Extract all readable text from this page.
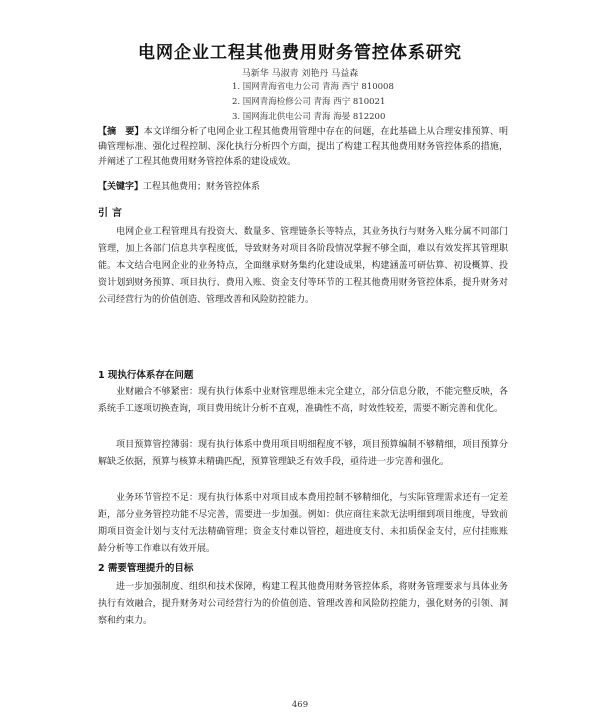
电网企业工程其他费用财务管控体系研究
马新华 马淑青 刘艳丹 马益森
1. 国网青海省电力公司 青海 西宁 810008
2. 国网青海检修公司 青海 西宁 810021
3. 国网海北供电公司 青海 海晏 812200
【摘　要】本文详细分析了电网企业工程其他费用管理中存在的问题，在此基础上从合理安排预算、明确管理标准、强化过程控制、深化执行分析四个方面，提出了构建工程其他费用财务管控体系的措施，并阐述了工程其他费用财务管控体系的建设成效。
【关键字】工程其他费用；财务管控体系
引言

电网企业工程管理具有投资大、数量多、管理链条长等特点，其业务执行与财务入账分属不同部门管理，加上各部门信息共享程度低，导致财务对项目各阶段情况掌握不够全面，难以有效发挥其管理职能。本文结合电网企业的业务特点，全面继承财务集约化建设成果，构建涵盖可研估算、初设概算、投资计划到财务预算、项目执行、费用入账、资金支付等环节的工程其他费用财务管控体系，提升财务对公司经营行为的价值创造、管理改善和风险防控能力。

1 现执行体系存在问题

业财融合不够紧密：现有执行体系中业财管理思维未完全建立，部分信息分散，不能完整反映，各系统手工逐项切换查询，项目费用统计分析不直观，准确性不高，时效性较差，需要不断完善和优化。

项目预算管控薄弱：现有执行体系中费用项目明细程度不够，项目预算编制不够精细，项目预算分解缺乏依据，预算与核算未精确匹配，预算管理缺乏有效手段，亟待进一步完善和强化。

业务环节管控不足：现有执行体系中对项目成本费用控制不够精细化，与实际管理需求还有一定差距，部分业务管控功能不尽完善，需要进一步加强。例如：供应商往来款无法明细到项目维度，导致前期项目资金计划与支付无法精确管理；资金支付难以管控，超进度支付、未扣质保金支付，应付挂账账龄分析等工作难以有效开展。

2 需要管理提升的目标

进一步加强制度、组织和技术保障，构建工程其他费用财务管控体系，将财务管理要求与具体业务执行有效融合，提升财务对公司经营行为的价值创造、管理改善和风险防控能力，强化财务的引领、洞察和约束力。

469
